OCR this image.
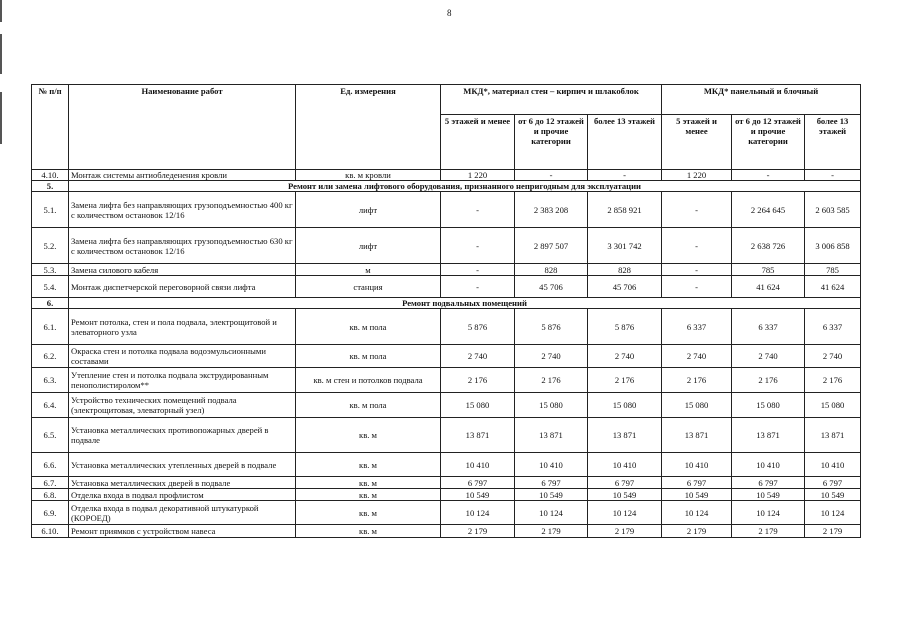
8
№ п/п	Наименование работ	Ед. измерения	МКД*, материал стен – кирпич и шлакоблок			МКД* панельный и блочный		
			5 этажей и менее	от 6 до 12 этажей и прочие категории	более 13 этажей	5 этажей и менее	от 6 до 12 этажей и прочие категории	более 13 этажей
4.10.	Монтаж системы антиобледенения кровли	кв. м кровли	1 220	-	-	1 220	-	-
5.	Ремонт или замена лифтового оборудования, признанного непригодным для эксплуатации							
5.1.	Замена лифта без направляющих грузоподъемностью 400 кг с количеством остановок 12/16	лифт	-	2 383 208	2 858 921	-	2 264 645	2 603 585
5.2.	Замена лифта без направляющих грузоподъемностью 630 кг с количеством остановок 12/16	лифт	-	2 897 507	3 301 742	-	2 638 726	3 006 858
5.3.	Замена силового кабеля	м	-	828	828	-	785	785
5.4.	Монтаж диспетчерской переговорной связи лифта	станция	-	45 706	45 706	-	41 624	41 624
6.	Ремонт подвальных помещений							
6.1.	Ремонт потолка, стен и пола подвала, электрощитовой и элеваторного узла	кв. м пола	5 876	5 876	5 876	6 337	6 337	6 337
6.2.	Окраска стен и потолка подвала водоэмульсионными составами	кв. м пола	2 740	2 740	2 740	2 740	2 740	2 740
6.3.	Утепление стен и потолка подвала экструдированным пенополистиролом**	кв. м стен и потолков подвала	2 176	2 176	2 176	2 176	2 176	2 176
6.4.	Устройство технических помещений подвала (электрощитовая, элеваторный узел)	кв. м пола	15 080	15 080	15 080	15 080	15 080	15 080
6.5.	Установка металлических противопожарных дверей в подвале	кв. м	13 871	13 871	13 871	13 871	13 871	13 871
6.6.	Установка металлических утепленных дверей в подвале	кв. м	10 410	10 410	10 410	10 410	10 410	10 410
6.7.	Установка металлических дверей в подвале	кв. м	6 797	6 797	6 797	6 797	6 797	6 797
6.8.	Отделка входа в подвал профлистом	кв. м	10 549	10 549	10 549	10 549	10 549	10 549
6.9.	Отделка входа в подвал декоративной штукатуркой (КОРОЕД)	кв. м	10 124	10 124	10 124	10 124	10 124	10 124
6.10.	Ремонт приямков с устройством навеса	кв. м	2 179	2 179	2 179	2 179	2 179	2 179
